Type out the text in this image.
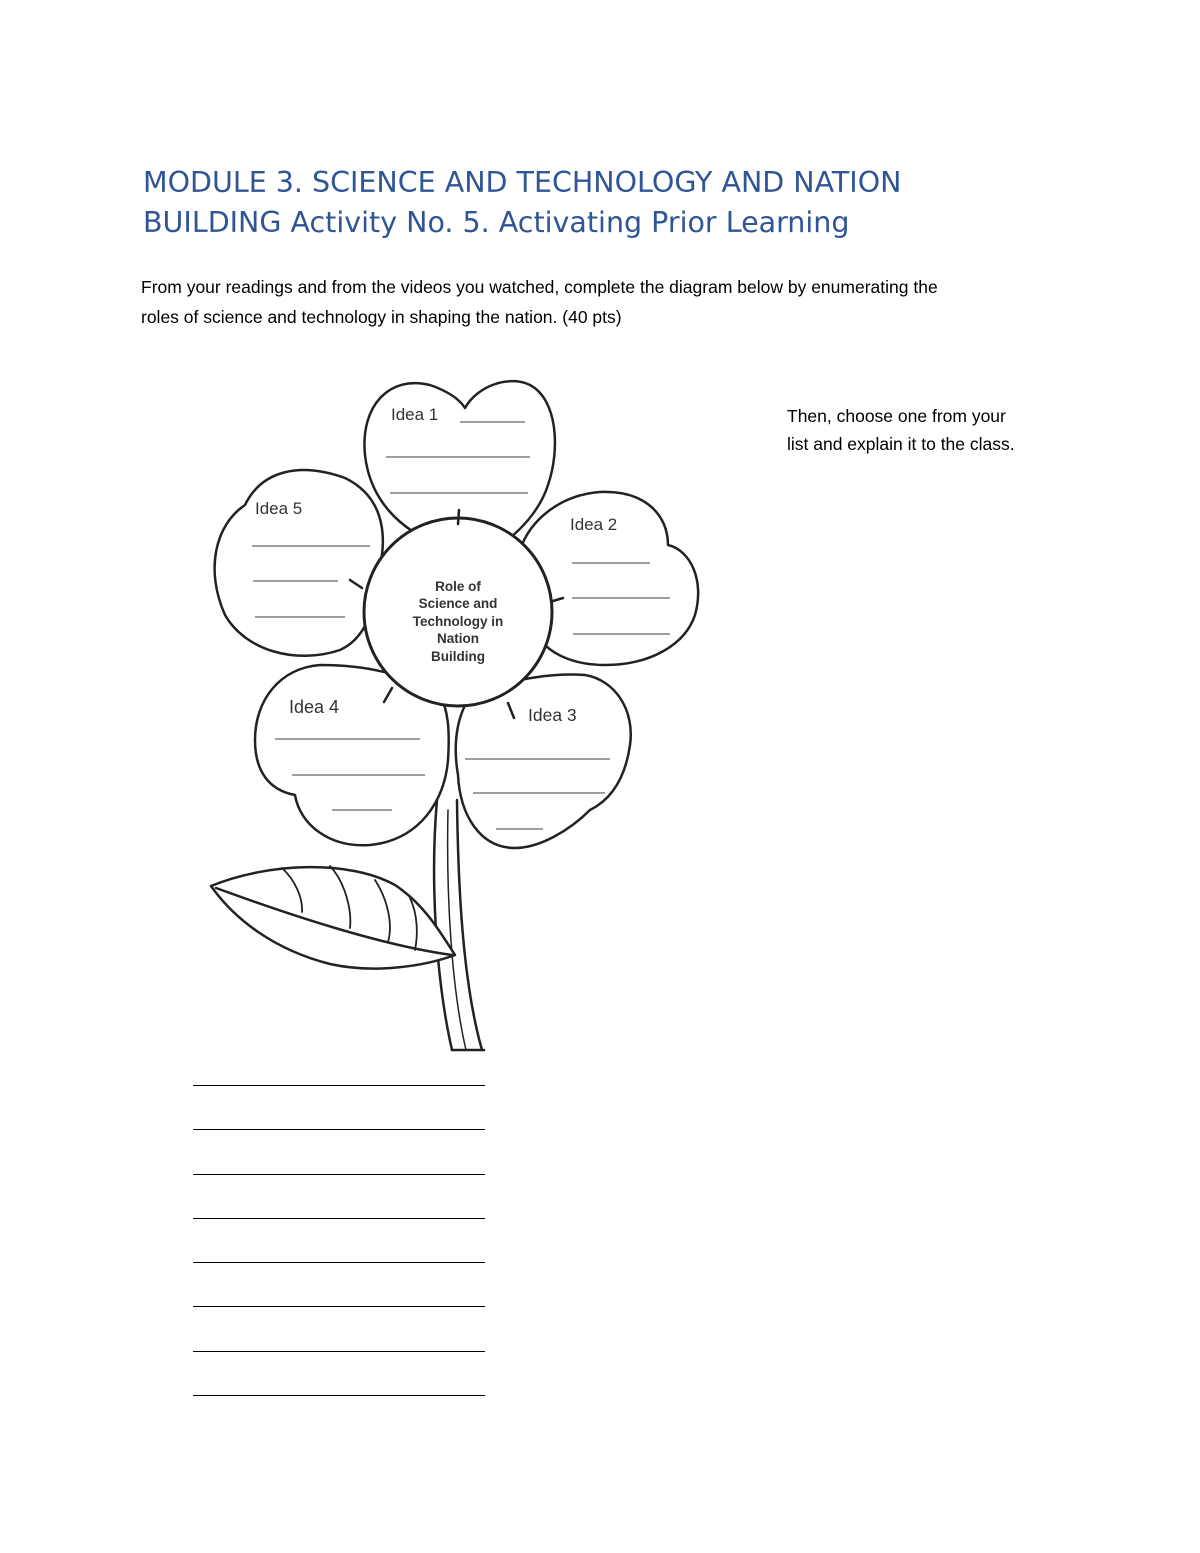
MODULE 3. SCIENCE AND TECHNOLOGY AND NATION
BUILDING Activity No. 5. Activating Prior Learning
From your readings and from the videos you watched, complete the diagram below by enumerating the
roles of science and technology in shaping the nation. (40 pts)
Then, choose one from your
list and explain it to the class.
Idea 1
Idea 2
Idea 3
Idea 4
Idea 5
Role of
Science and
Technology in
Nation
Building
